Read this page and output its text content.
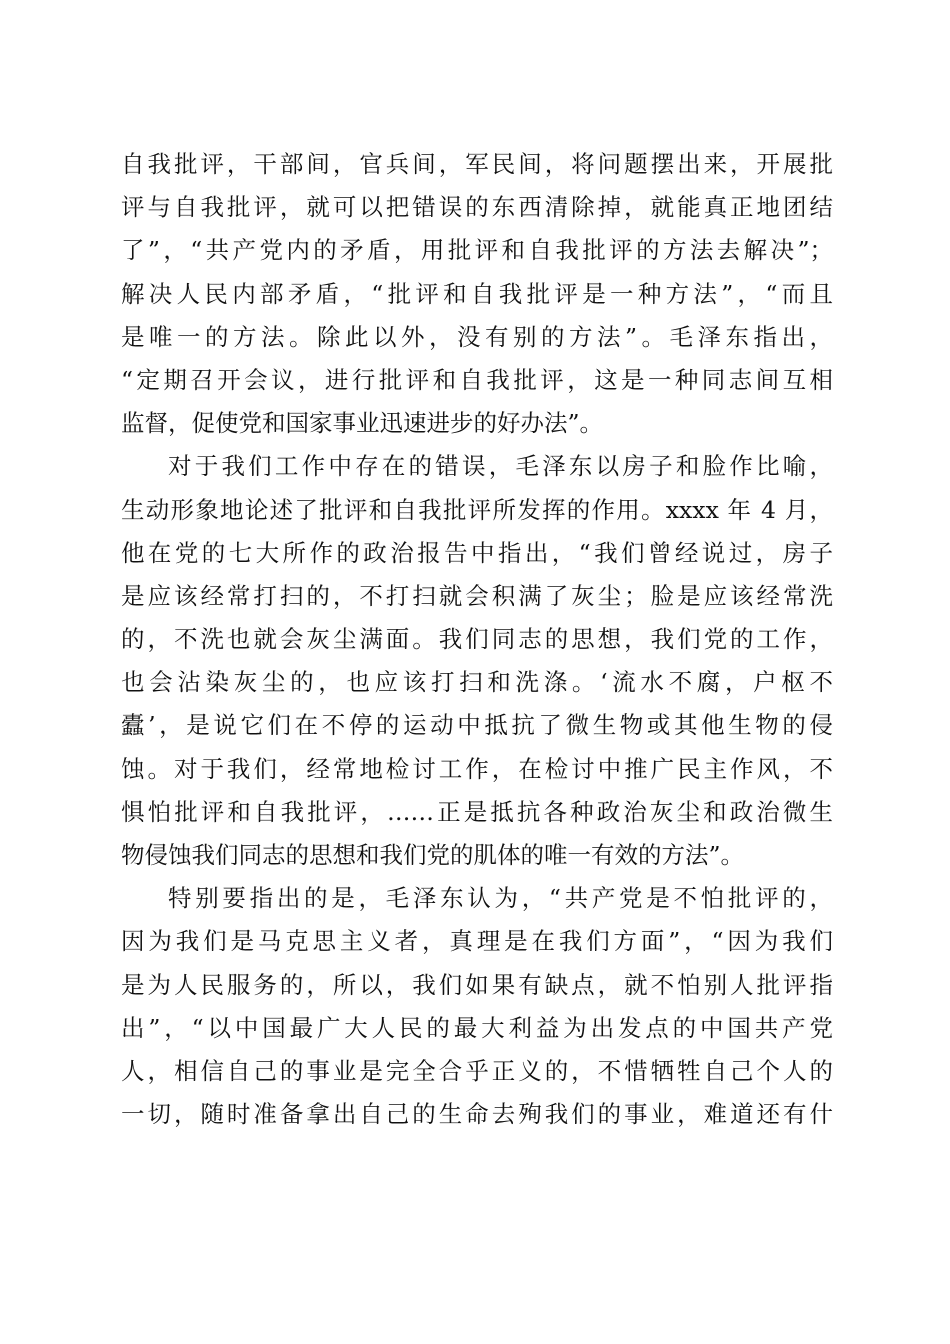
自我批评，干部间，官兵间，军民间，将问题摆出来，开展批
评与自我批评，就可以把错误的东西清除掉，就能真正地团结
了”，“共产党内的矛盾，用批评和自我批评的方法去解决”；
解决人民内部矛盾，“批评和自我批评是一种方法”，“而且
是唯一的方法。除此以外，没有别的方法”。毛泽东指出，
“定期召开会议，进行批评和自我批评，这是一种同志间互相
监督，促使党和国家事业迅速进步的好办法”。
对于我们工作中存在的错误，毛泽东以房子和脸作比喻，
生动形象地论述了批评和自我批评所发挥的作用。xxxx 年 4 月，
他在党的七大所作的政治报告中指出，“我们曾经说过，房子
是应该经常打扫的，不打扫就会积满了灰尘；脸是应该经常洗
的，不洗也就会灰尘满面。我们同志的思想，我们党的工作，
也会沾染灰尘的，也应该打扫和洗涤。‘流水不腐，户枢不
蠹’，是说它们在不停的运动中抵抗了微生物或其他生物的侵
蚀。对于我们，经常地检讨工作，在检讨中推广民主作风，不
惧怕批评和自我批评，……正是抵抗各种政治灰尘和政治微生
物侵蚀我们同志的思想和我们党的肌体的唯一有效的方法”。
特别要指出的是，毛泽东认为，“共产党是不怕批评的，
因为我们是马克思主义者，真理是在我们方面”，“因为我们
是为人民服务的，所以，我们如果有缺点，就不怕别人批评指
出”，“以中国最广大人民的最大利益为出发点的中国共产党
人，相信自己的事业是完全合乎正义的，不惜牺牲自己个人的
一切，随时准备拿出自己的生命去殉我们的事业，难道还有什
